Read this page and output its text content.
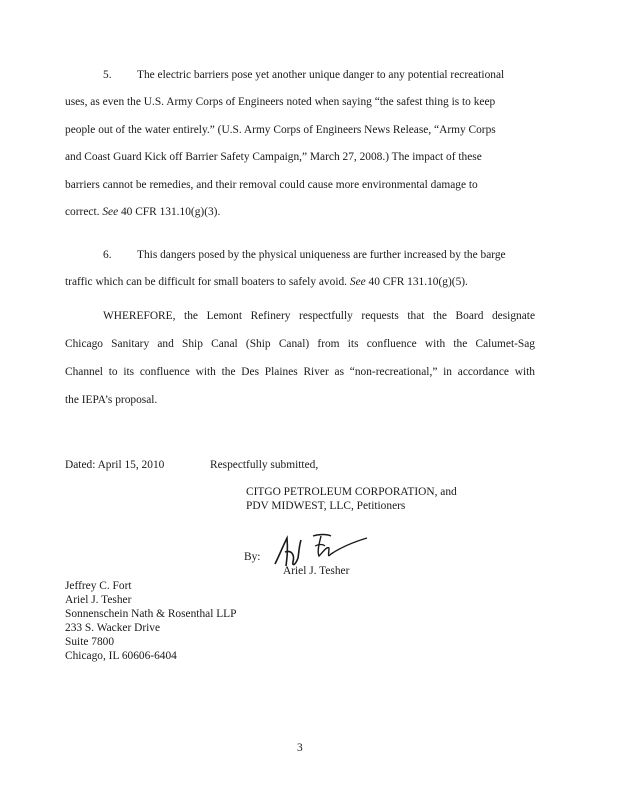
5. The electric barriers pose yet another unique danger to any potential recreational
uses, as even the U.S. Army Corps of Engineers noted when saying “the safest thing is to keep
people out of the water entirely.” (U.S. Army Corps of Engineers News Release, “Army Corps
and Coast Guard Kick off Barrier Safety Campaign,” March 27, 2008.) The impact of these
barriers cannot be remedies, and their removal could cause more environmental damage to
correct. See 40 CFR 131.10(g)(3).
6. This dangers posed by the physical uniqueness are further increased by the barge
traffic which can be difficult for small boaters to safely avoid. See 40 CFR 131.10(g)(5).
WHEREFORE, the Lemont Refinery respectfully requests that the Board designate
Chicago Sanitary and Ship Canal (Ship Canal) from its confluence with the Calumet-Sag
Channel to its confluence with the Des Plaines River as “non-recreational,” in accordance with
the IEPA’s proposal.
Dated: April 15, 2010	Respectfully submitted,
CITGO PETROLEUM CORPORATION, and
PDV MIDWEST, LLC, Petitioners
By:
Ariel J. Tesher
Jeffrey C. Fort
Ariel J. Tesher
Sonnenschein Nath & Rosenthal LLP
233 S. Wacker Drive
Suite 7800
Chicago, IL 60606-6404
3
